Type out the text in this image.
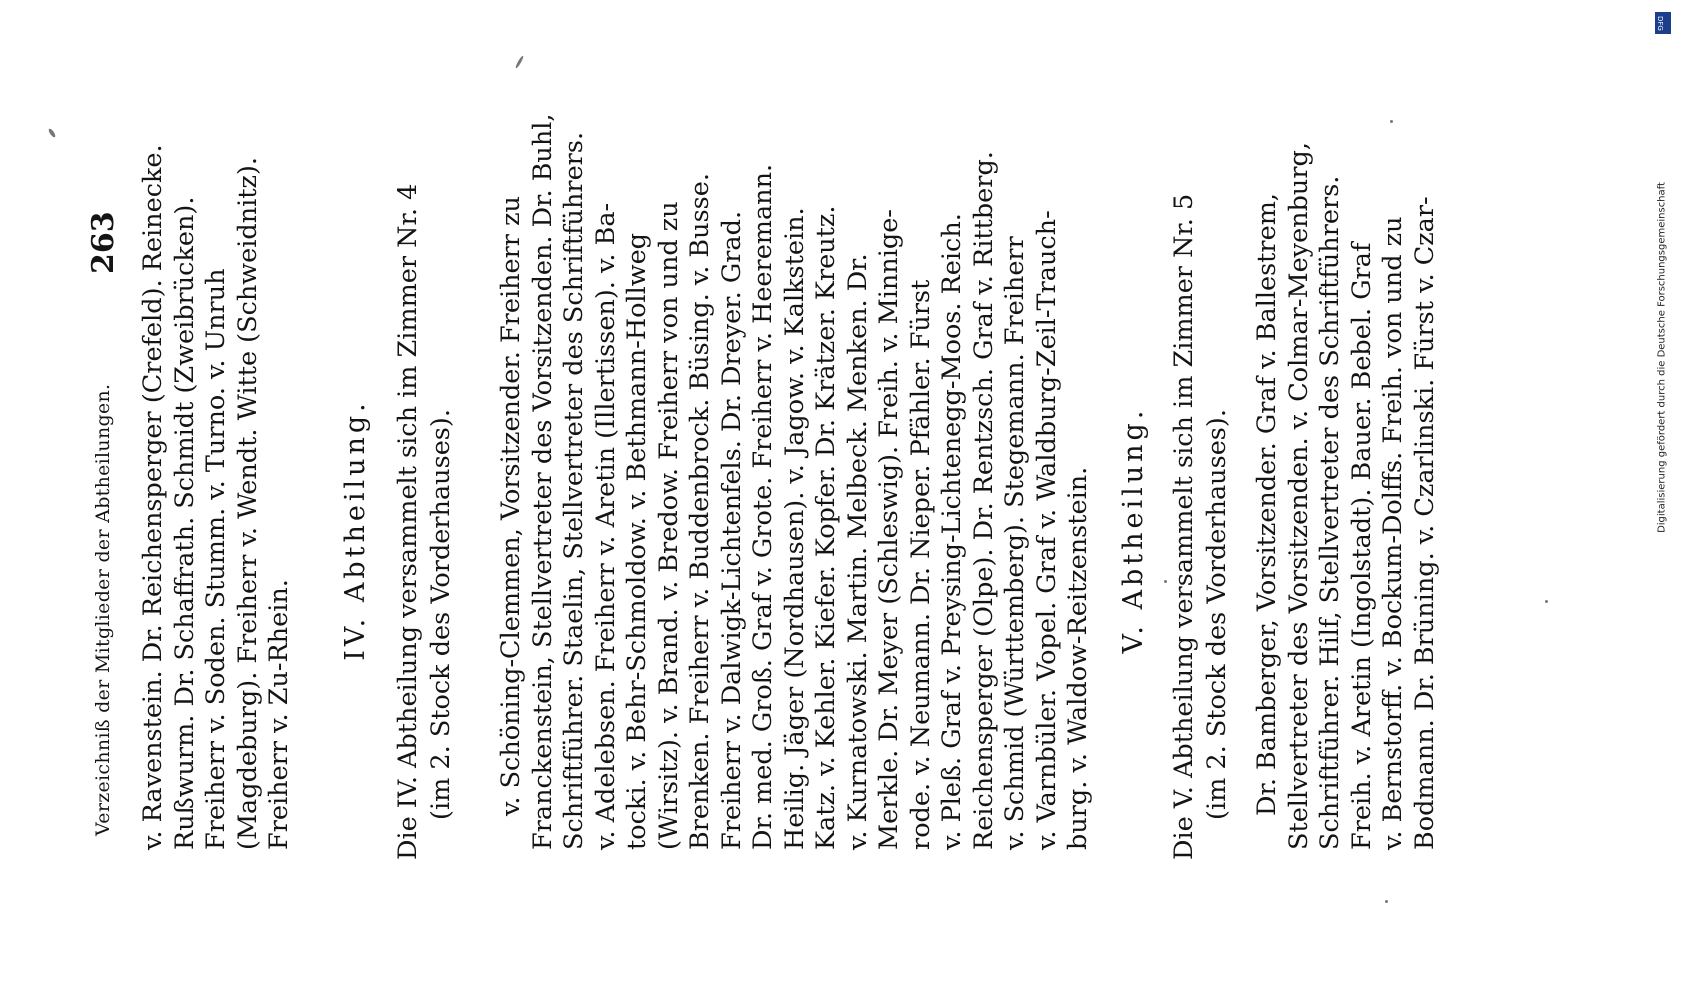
Verzeichniß der Mitglieder der Abtheilungen.
263 v. Ravenstein. Dr. Reichensperger (Crefeld). Reinecke. Rußwurm. Dr. Schaffrath. Schmidt (Zweibrücken). Freiherr v. Soden. Stumm. v. Turno. v. Unruh (Magdeburg). Freiherr v. Wendt. Witte (Schweidnitz). Freiherr v. Zu-Rhein.

IV. Abtheilung. Die IV. Abtheilung versammelt sich im Zimmer Nr. 4 (im 2. Stock des Vorderhauses). v. Schöning-Clemmen, Vorsitzender. Freiherr zu Franckenstein, Stellvertreter des Vorsitzenden. Dr. Buhl, Schriftführer. Staelin, Stellvertreter des Schriftführers. v. Adelebsen. Freiherr v. Aretin (Illertissen). v. Ba- tocki. v. Behr-Schmoldow. v. Bethmann-Hollweg (Wirsitz). v. Brand. v. Bredow. Freiherr von und zu Brenken. Freiherr v. Buddenbrock. Büsing. v. Busse. Freiherr v. Dalwigk-Lichtenfels. Dr. Dreyer. Grad. Dr. med. Groß. Graf v. Grote. Freiherr v. Heeremann. Heilig. Jäger (Nordhausen). v. Jagow. v. Kalkstein. Katz. v. Kehler. Kiefer. Kopfer. Dr. Krätzer. Kreutz. v. Kurnatowski. Martin. Melbeck. Menken. Dr. Merkle. Dr. Meyer (Schleswig). Freih. v. Minnige- rode. v. Neumann. Dr. Nieper. Pfähler. Fürst v. Pleß. Graf v. Preysing-Lichtenegg-Moos. Reich. Reichensperger (Olpe). Dr. Rentzsch. Graf v. Rittberg. v. Schmid (Württemberg). Stegemann. Freiherr v. Varnbüler. Vopel. Graf v. Waldburg-Zeil-Trauch- burg. v. Waldow-Reitzenstein. V. Abtheilung. Die V. Abtheilung versammelt sich im Zimmer Nr. 5 (im 2. Stock des Vorderhauses). Dr. Bamberger, Vorsitzender. Graf v. Ballestrem, Stellvertreter des Vorsitzenden. v. Colmar-Meyenburg, Schriftführer. Hilf, Stellvertreter des Schriftführers. Freih. v. Aretin (Ingolstadt). Bauer. Bebel. Graf v. Bernstorff. v. Bockum-Dolffs. Freih. von und zu Bodmann. Dr. Brüning. v. Czarlinski. Fürst v. Czar-

DFG
Digitalisierung gefördert durch die Deutsche Forschungsgemeinschaft
